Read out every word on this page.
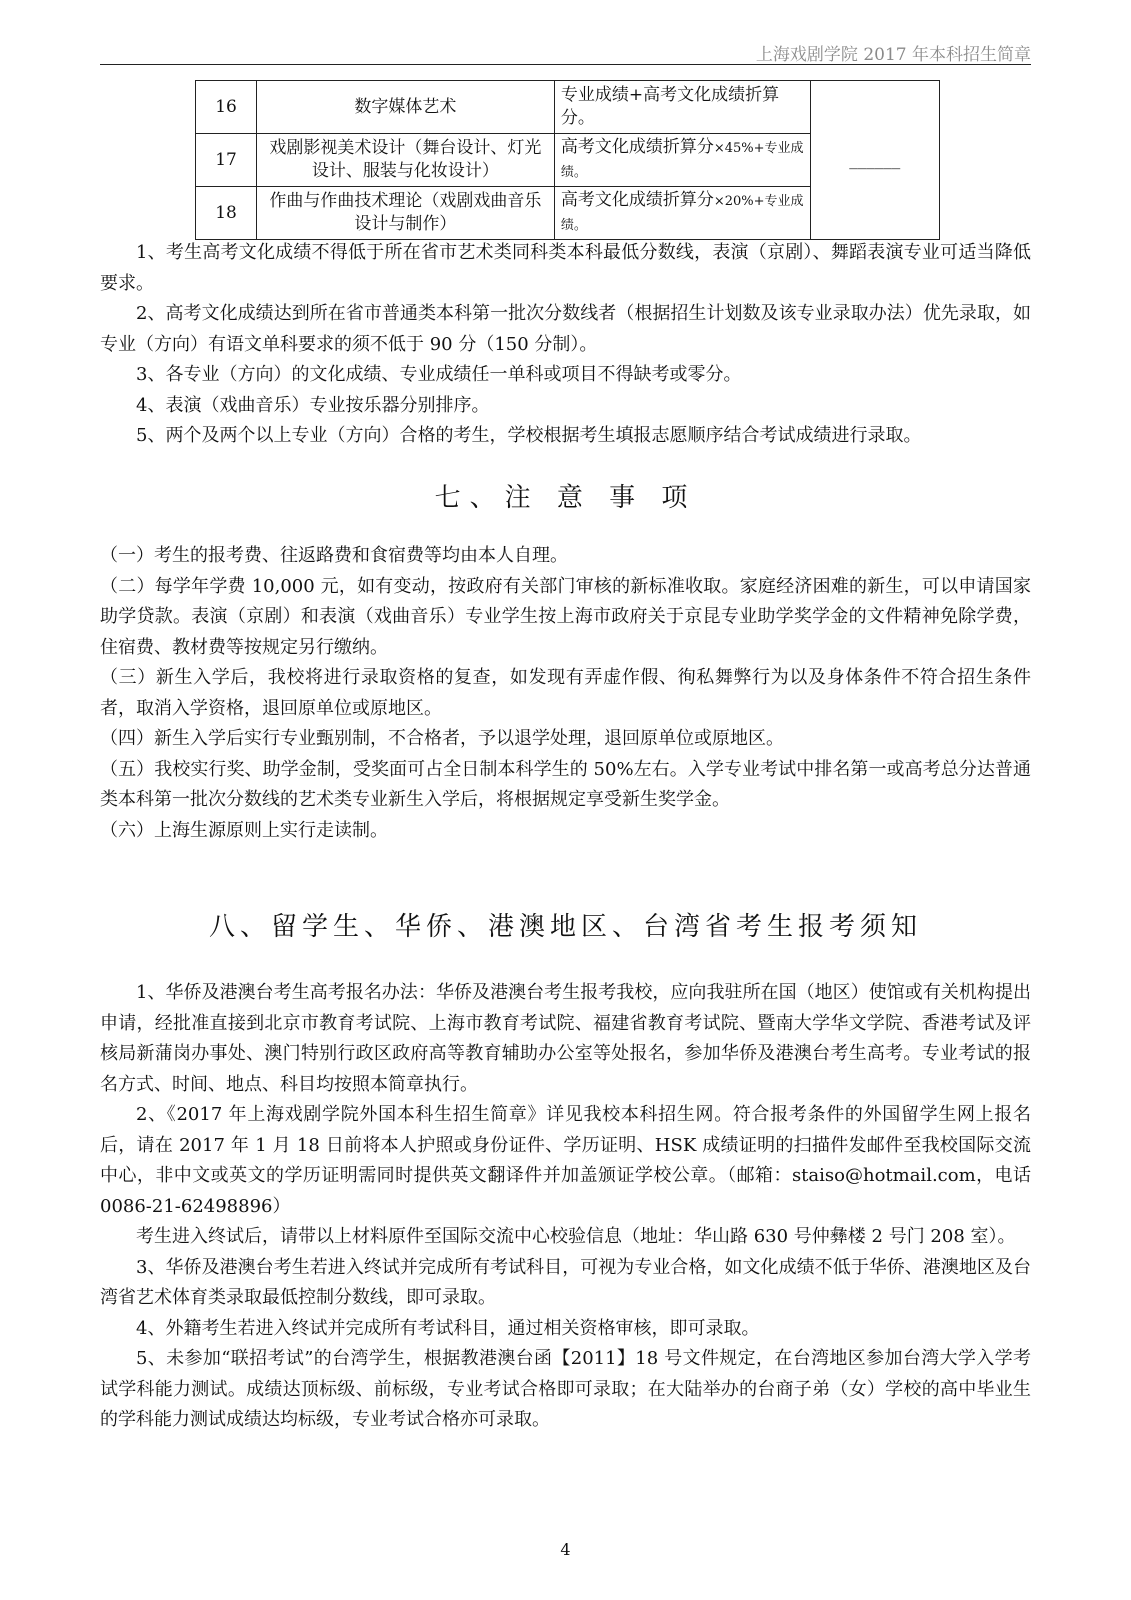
上海戏剧学院 2017 年本科招生简章
16	数字媒体艺术	专业成绩+高考文化成绩折算分。	______
17	戏剧影视美术设计（舞台设计、灯光设计、服装与化妆设计）	高考文化成绩折算分×45%+专业成绩。	
18	作曲与作曲技术理论（戏剧戏曲音乐设计与制作）	高考文化成绩折算分×20%+专业成绩。	

1、考生高考文化成绩不得低于所在省市艺术类同科类本科最低分数线，表演（京剧）、舞蹈表演专业可适当降低要求。

2、高考文化成绩达到所在省市普通类本科第一批次分数线者（根据招生计划数及该专业录取办法）优先录取，如专业（方向）有语文单科要求的须不低于 90 分（150 分制）。

3、各专业（方向）的文化成绩、专业成绩任一单科或项目不得缺考或零分。

4、表演（戏曲音乐）专业按乐器分别排序。

5、两个及两个以上专业（方向）合格的考生，学校根据考生填报志愿顺序结合考试成绩进行录取。

七、注 意 事 项

（一）考生的报考费、往返路费和食宿费等均由本人自理。

（二）每学年学费 10,000 元，如有变动，按政府有关部门审核的新标准收取。家庭经济困难的新生，可以申请国家助学贷款。表演（京剧）和表演（戏曲音乐）专业学生按上海市政府关于京昆专业助学奖学金的文件精神免除学费，住宿费、教材费等按规定另行缴纳。

（三）新生入学后，我校将进行录取资格的复查，如发现有弄虚作假、徇私舞弊行为以及身体条件不符合招生条件者，取消入学资格，退回原单位或原地区。

（四）新生入学后实行专业甄别制，不合格者，予以退学处理，退回原单位或原地区。

（五）我校实行奖、助学金制，受奖面可占全日制本科学生的 50%左右。入学专业考试中排名第一或高考总分达普通类本科第一批次分数线的艺术类专业新生入学后，将根据规定享受新生奖学金。

（六）上海生源原则上实行走读制。

八、留学生、华侨、港澳地区、台湾省考生报考须知

1、华侨及港澳台考生高考报名办法：华侨及港澳台考生报考我校，应向我驻所在国（地区）使馆或有关机构提出申请，经批准直接到北京市教育考试院、上海市教育考试院、福建省教育考试院、暨南大学华文学院、香港考试及评核局新蒲岗办事处、澳门特别行政区政府高等教育辅助办公室等处报名，参加华侨及港澳台考生高考。专业考试的报名方式、时间、地点、科目均按照本简章执行。

2、《2017 年上海戏剧学院外国本科生招生简章》详见我校本科招生网。符合报考条件的外国留学生网上报名后，请在 2017 年 1 月 18 日前将本人护照或身份证件、学历证明、HSK 成绩证明的扫描件发邮件至我校国际交流中心，非中文或英文的学历证明需同时提供英文翻译件并加盖颁证学校公章。（邮箱：staiso@hotmail.com，电话 0086-21-62498896）

考生进入终试后，请带以上材料原件至国际交流中心校验信息（地址：华山路 630 号仲彝楼 2 号门 208 室）。

3、华侨及港澳台考生若进入终试并完成所有考试科目，可视为专业合格，如文化成绩不低于华侨、港澳地区及台湾省艺术体育类录取最低控制分数线，即可录取。

4、外籍考生若进入终试并完成所有考试科目，通过相关资格审核，即可录取。

5、未参加“联招考试”的台湾学生，根据教港澳台函【2011】18 号文件规定，在台湾地区参加台湾大学入学考试学科能力测试。成绩达顶标级、前标级，专业考试合格即可录取；在大陆举办的台商子弟（女）学校的高中毕业生的学科能力测试成绩达均标级，专业考试合格亦可录取。

4
